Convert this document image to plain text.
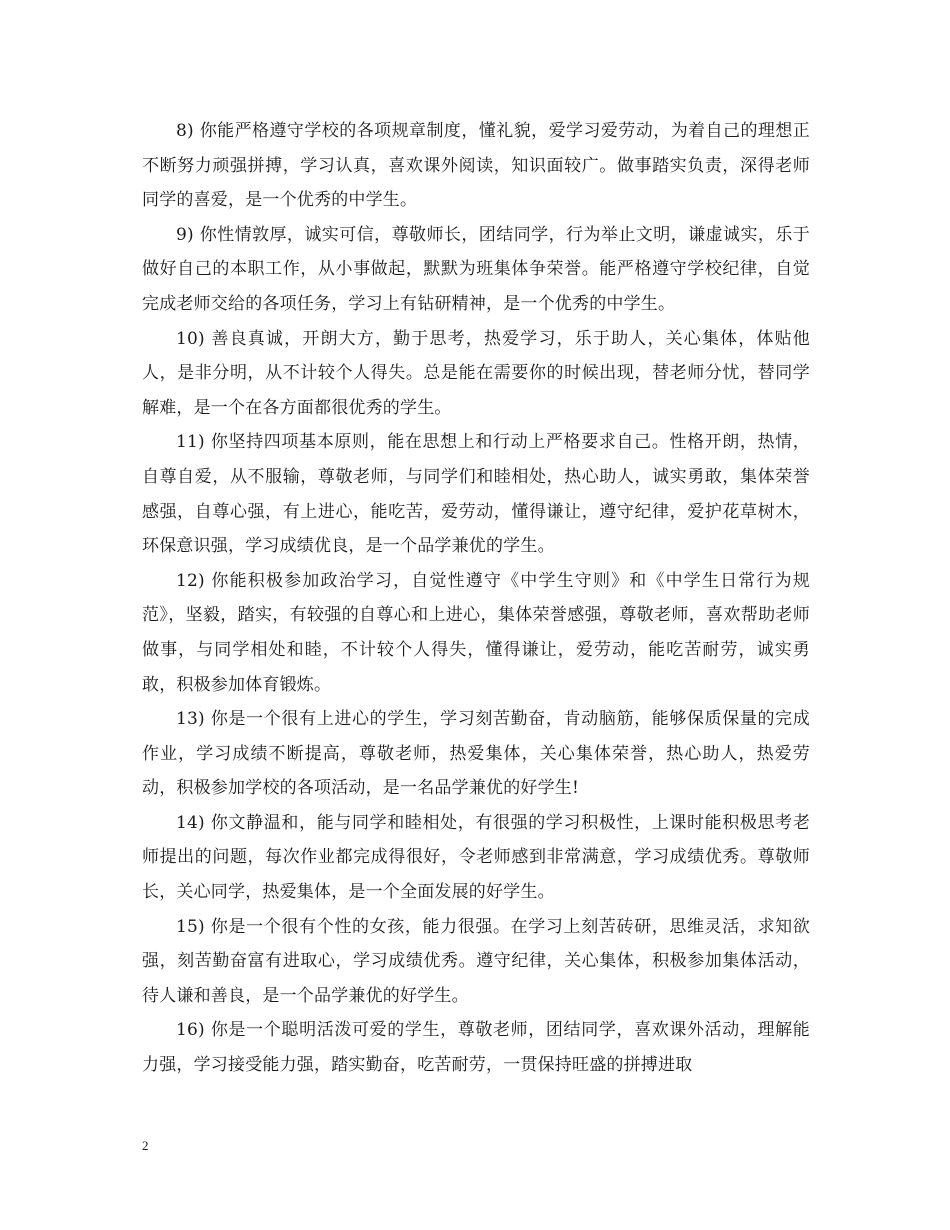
8) 你能严格遵守学校的各项规章制度，懂礼貌，爱学习爱劳动，为着自己的理想正不断努力顽强拼搏，学习认真，喜欢课外阅读，知识面较广。做事踏实负责，深得老师同学的喜爱，是一个优秀的中学生。

9) 你性情敦厚，诚实可信，尊敬师长，团结同学，行为举止文明，谦虚诚实，乐于做好自己的本职工作，从小事做起，默默为班集体争荣誉。能严格遵守学校纪律，自觉完成老师交给的各项任务，学习上有钻研精神，是一个优秀的中学生。

10) 善良真诚，开朗大方，勤于思考，热爱学习，乐于助人，关心集体，体贴他人，是非分明，从不计较个人得失。总是能在需要你的时候出现，替老师分忧，替同学解难，是一个在各方面都很优秀的学生。

11) 你坚持四项基本原则，能在思想上和行动上严格要求自己。性格开朗，热情，自尊自爱，从不服输，尊敬老师，与同学们和睦相处，热心助人，诚实勇敢，集体荣誉感强，自尊心强，有上进心，能吃苦，爱劳动，懂得谦让，遵守纪律，爱护花草树木，环保意识强，学习成绩优良，是一个品学兼优的学生。

12) 你能积极参加政治学习，自觉性遵守《中学生守则》和《中学生日常行为规范》，坚毅，踏实，有较强的自尊心和上进心，集体荣誉感强，尊敬老师，喜欢帮助老师做事，与同学相处和睦，不计较个人得失，懂得谦让，爱劳动，能吃苦耐劳，诚实勇敢，积极参加体育锻炼。

13) 你是一个很有上进心的学生，学习刻苦勤奋，肯动脑筋，能够保质保量的完成作业，学习成绩不断提高，尊敬老师，热爱集体，关心集体荣誉，热心助人，热爱劳动，积极参加学校的各项活动，是一名品学兼优的好学生!

14) 你文静温和，能与同学和睦相处，有很强的学习积极性，上课时能积极思考老师提出的问题，每次作业都完成得很好，令老师感到非常满意，学习成绩优秀。尊敬师长，关心同学，热爱集体，是一个全面发展的好学生。

15) 你是一个很有个性的女孩，能力很强。在学习上刻苦砖研，思维灵活，求知欲强，刻苦勤奋富有进取心，学习成绩优秀。遵守纪律，关心集体，积极参加集体活动，待人谦和善良，是一个品学兼优的好学生。

16) 你是一个聪明活泼可爱的学生，尊敬老师，团结同学，喜欢课外活动，理解能力强，学习接受能力强，踏实勤奋，吃苦耐劳，一贯保持旺盛的拼搏进取

2
